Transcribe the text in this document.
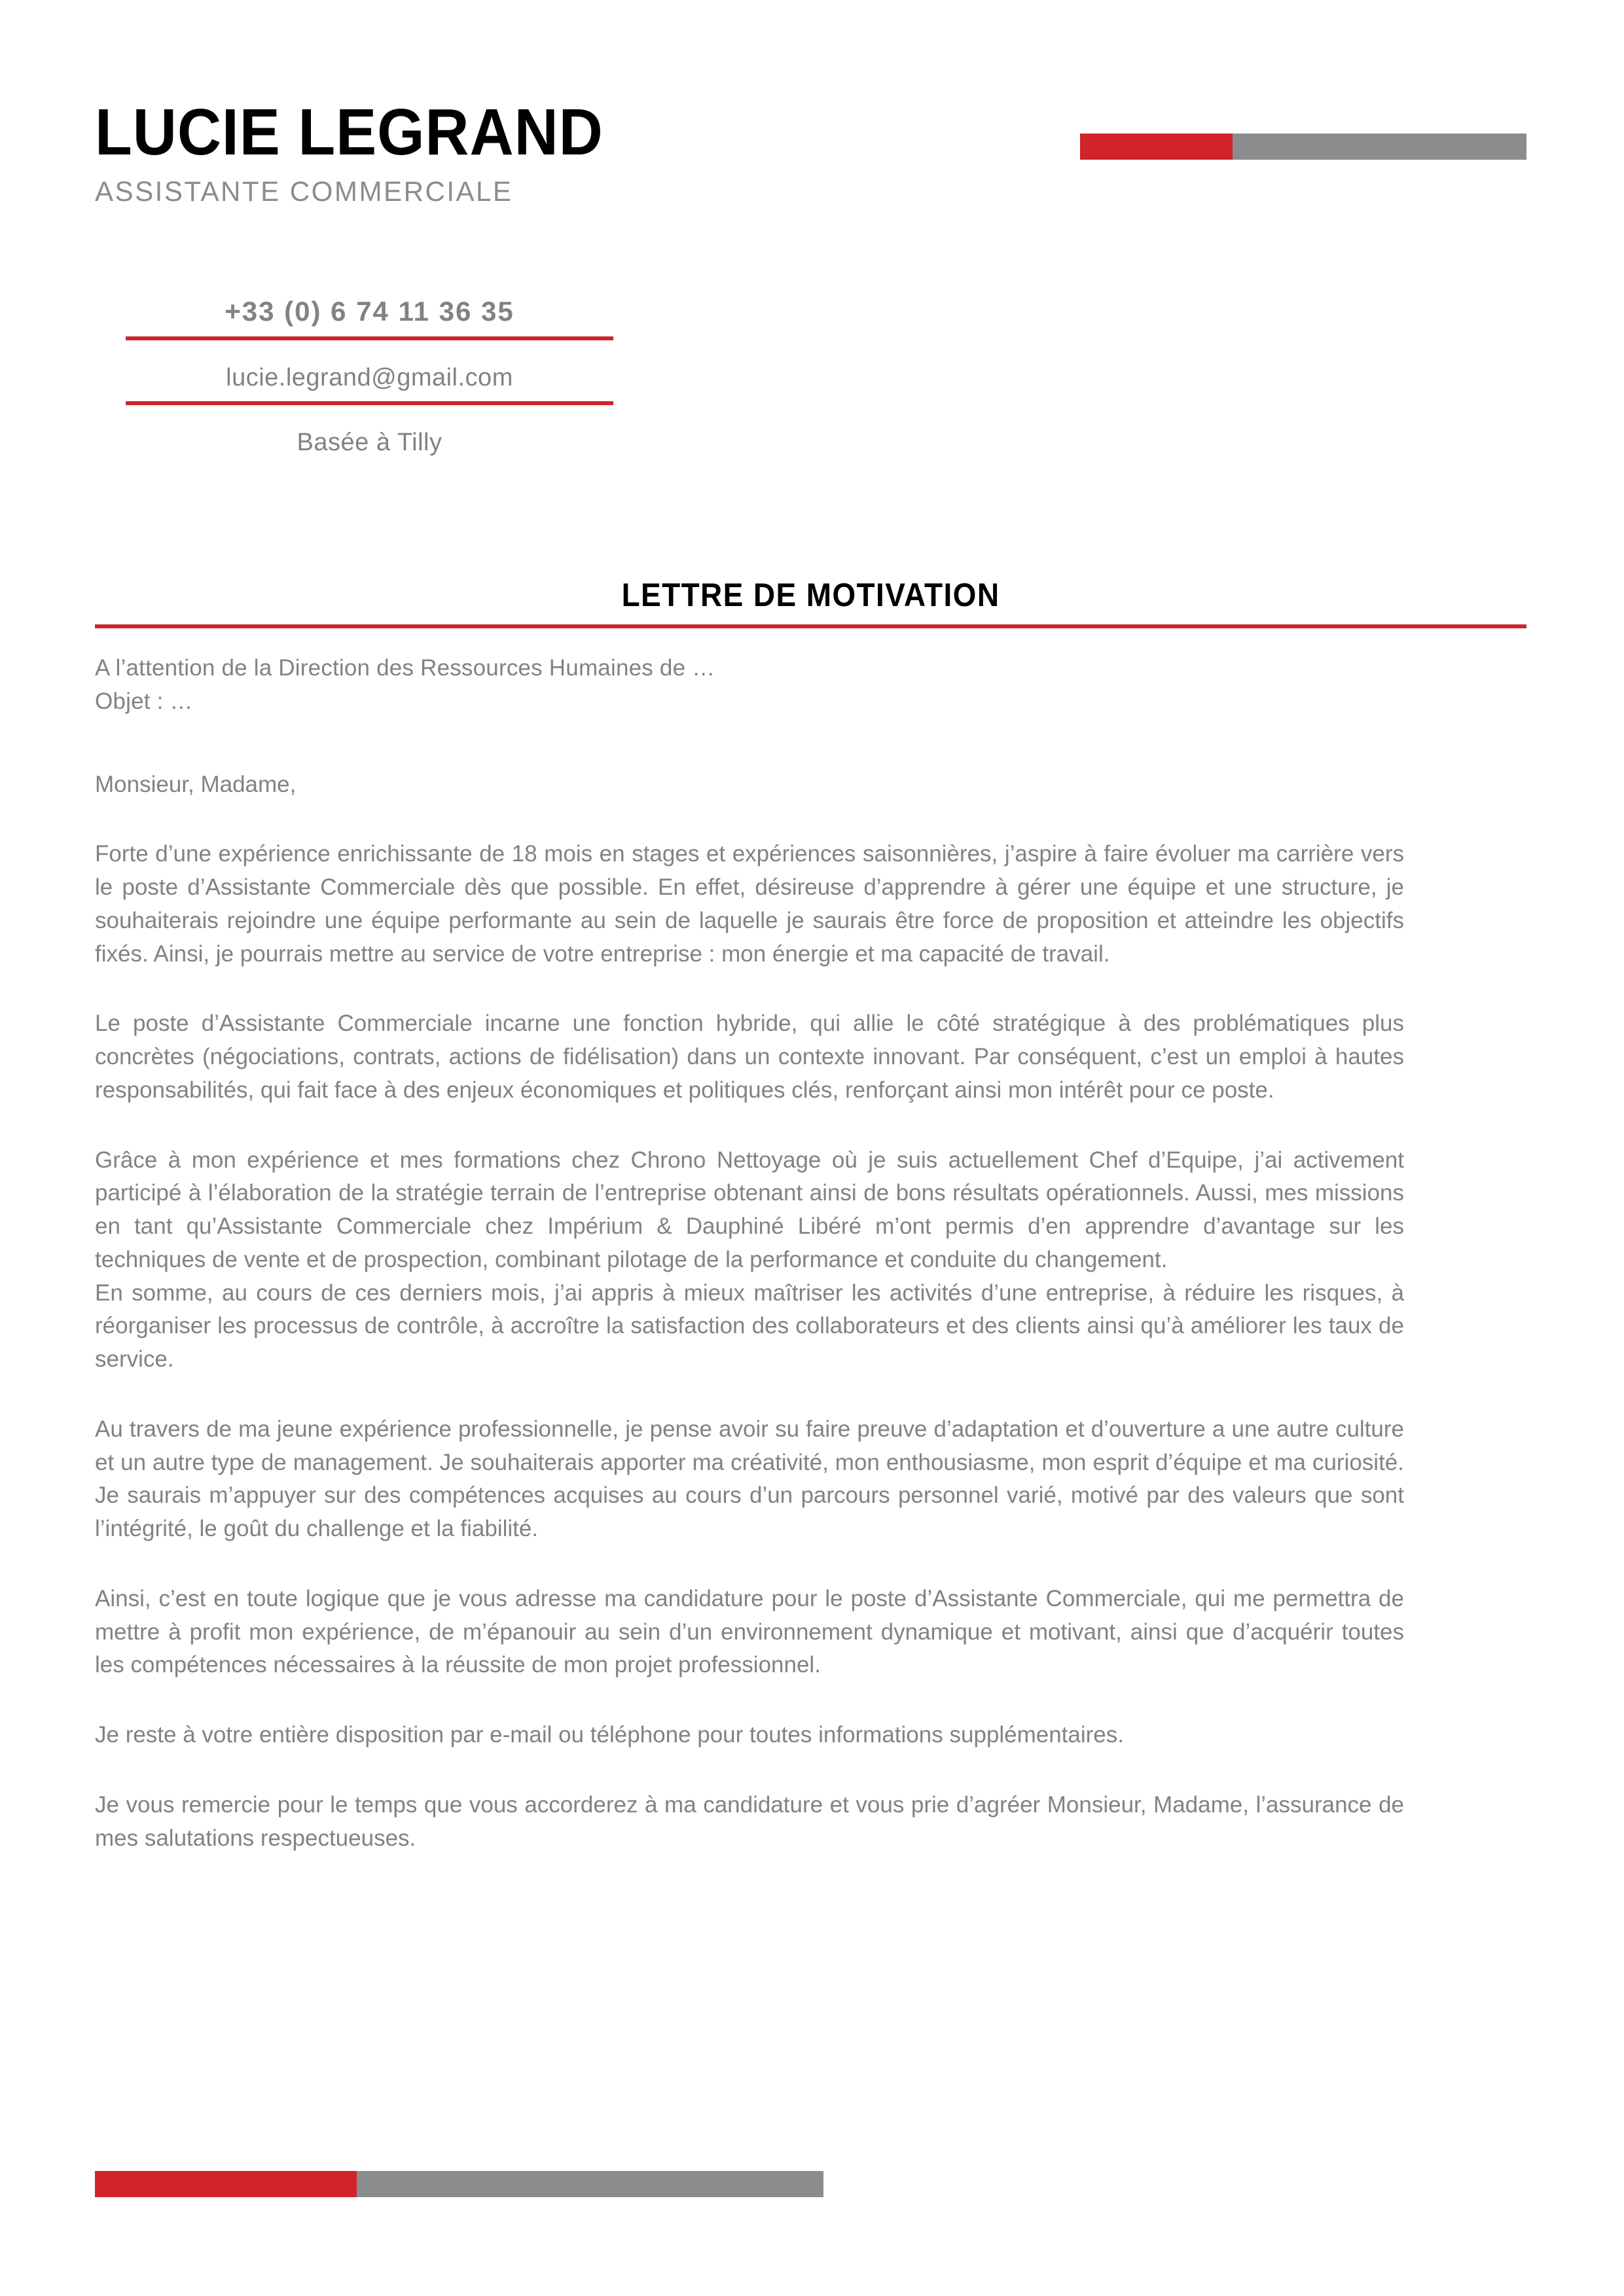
LUCIE LEGRAND
ASSISTANTE COMMERCIALE
+33 (0) 6 74 11 36 35
lucie.legrand@gmail.com
Basée à Tilly
LETTRE DE MOTIVATION

A l’attention de la Direction des Ressources Humaines de …

Objet : …

Monsieur, Madame,

Forte d’une expérience enrichissante de 18 mois en stages et expériences saisonnières, j’aspire à faire évoluer ma carrière vers le poste d’Assistante Commerciale dès que possible. En effet, désireuse d’apprendre à gérer une équipe et une structure, je souhaiterais rejoindre une équipe performante au sein de laquelle je saurais être force de proposition et atteindre les objectifs fixés. Ainsi, je pourrais mettre au service de votre entreprise : mon énergie et ma capacité de travail.

Le poste d’Assistante Commerciale incarne une fonction hybride, qui allie le côté stratégique à des problématiques plus concrètes (négociations, contrats, actions de fidélisation) dans un contexte innovant. Par conséquent, c’est un emploi à hautes responsabilités, qui fait face à des enjeux économiques et politiques clés, renforçant ainsi mon intérêt pour ce poste.

Grâce à mon expérience et mes formations chez Chrono Nettoyage où je suis actuellement Chef d’Equipe, j’ai activement participé à l’élaboration de la stratégie terrain de l’entreprise obtenant ainsi de bons résultats opérationnels. Aussi, mes missions en tant qu’Assistante Commerciale chez Impérium & Dauphiné Libéré m’ont permis d’en apprendre d’avantage sur les techniques de vente et de prospection, combinant pilotage de la performance et conduite du changement.

En somme, au cours de ces derniers mois, j’ai appris à mieux maîtriser les activités d’une entreprise, à réduire les risques, à réorganiser les processus de contrôle, à accroître la satisfaction des collaborateurs et des clients ainsi qu’à améliorer les taux de service.

Au travers de ma jeune expérience professionnelle, je pense avoir su faire preuve d’adaptation et d’ouverture a une autre culture et un autre type de management. Je souhaiterais apporter ma créativité, mon enthousiasme, mon esprit d’équipe et ma curiosité. Je saurais m’appuyer sur des compétences acquises au cours d’un parcours personnel varié, motivé par des valeurs que sont l’intégrité, le goût du challenge et la fiabilité.

Ainsi, c’est en toute logique que je vous adresse ma candidature pour le poste d’Assistante Commerciale, qui me permettra de mettre à profit mon expérience, de m’épanouir au sein d’un environnement dynamique et motivant, ainsi que d’acquérir toutes les compétences nécessaires à la réussite de mon projet professionnel.

Je reste à votre entière disposition par e-mail ou téléphone pour toutes informations supplémentaires.

Je vous remercie pour le temps que vous accorderez à ma candidature et vous prie d’agréer Monsieur, Madame, l’assurance de mes salutations respectueuses.
